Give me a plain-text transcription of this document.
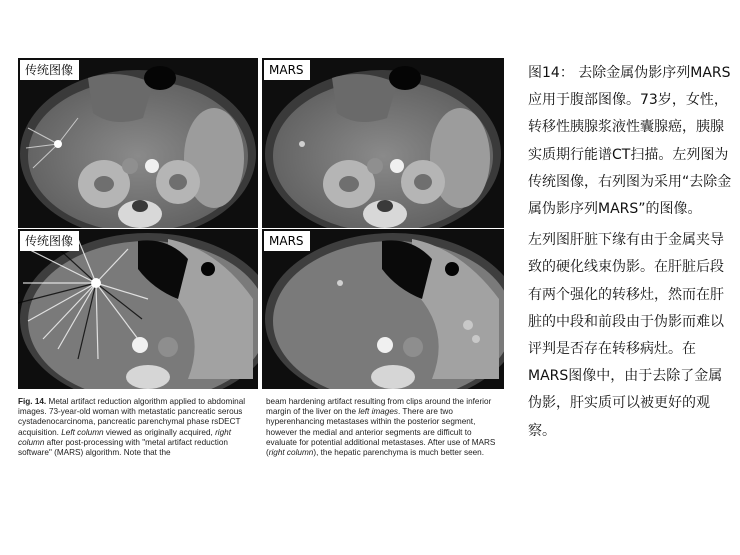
传统图像	MARS
传统图像	MARS
Fig. 14. Metal artifact reduction algorithm applied to abdominal images. 73-year-old woman with metastatic pancreatic serous cystadenocarcinoma, pancreatic parenchymal phase rsDECT acquisition. Left column viewed as originally acquired, right column after post-processing with "metal artifact reduction software" (MARS) algorithm. Note that the
beam hardening artifact resulting from clips around the inferior margin of the liver on the left images. There are two hyperenhancing metastases within the posterior segment, however the medial and anterior segments are difficult to evaluate for potential additional metastases. After use of MARS (right column), the hepatic parenchyma is much better seen.

图14： 去除金属伪影序列MARS应用于腹部图像。73岁，女性，转移性胰腺浆液性囊腺癌，胰腺实质期行能谱CT扫描。左列图为传统图像，右列图为采用“去除金属伪影序列MARS”的图像。

左列图肝脏下缘有由于金属夹导致的硬化线束伪影。在肝脏后段有两个强化的转移灶，然而在肝脏的中段和前段由于伪影而难以评判是否存在转移病灶。在MARS图像中，由于去除了金属伪影，肝实质可以被更好的观察。
